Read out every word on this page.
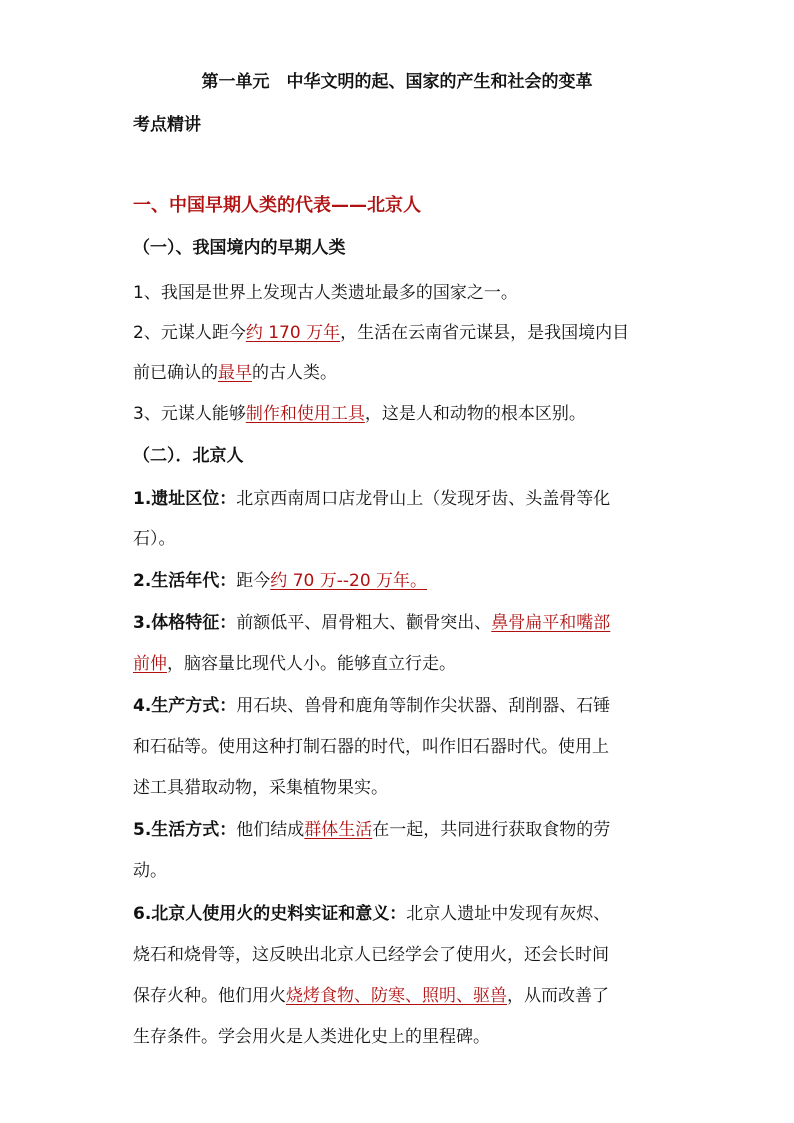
第一单元　中华文明的起、国家的产生和社会的变革
考点精讲
一、中国早期人类的代表——北京人
（一）、我国境内的早期人类
1、我国是世界上发现古人类遗址最多的国家之一。
2、元谋人距今约 170 万年，生活在云南省元谋县，是我国境内目
前已确认的最早的古人类。
3、元谋人能够制作和使用工具，这是人和动物的根本区别。
（二）．北京人
1.遗址区位：北京西南周口店龙骨山上（发现牙齿、头盖骨等化
石）。
2.生活年代：距今约 70 万--20 万年。
3.体格特征：前额低平、眉骨粗大、颧骨突出、鼻骨扁平和嘴部
前伸，脑容量比现代人小。能够直立行走。
4.生产方式：用石块、兽骨和鹿角等制作尖状器、刮削器、石锤
和石砧等。使用这种打制石器的时代，叫作旧石器时代。使用上
述工具猎取动物，采集植物果实。
5.生活方式：他们结成群体生活在一起，共同进行获取食物的劳
动。
6.北京人使用火的史料实证和意义：北京人遗址中发现有灰烬、
烧石和烧骨等，这反映出北京人已经学会了使用火，还会长时间
保存火种。他们用火烧烤食物、防寒、照明、驱兽，从而改善了
生存条件。学会用火是人类进化史上的里程碑。
